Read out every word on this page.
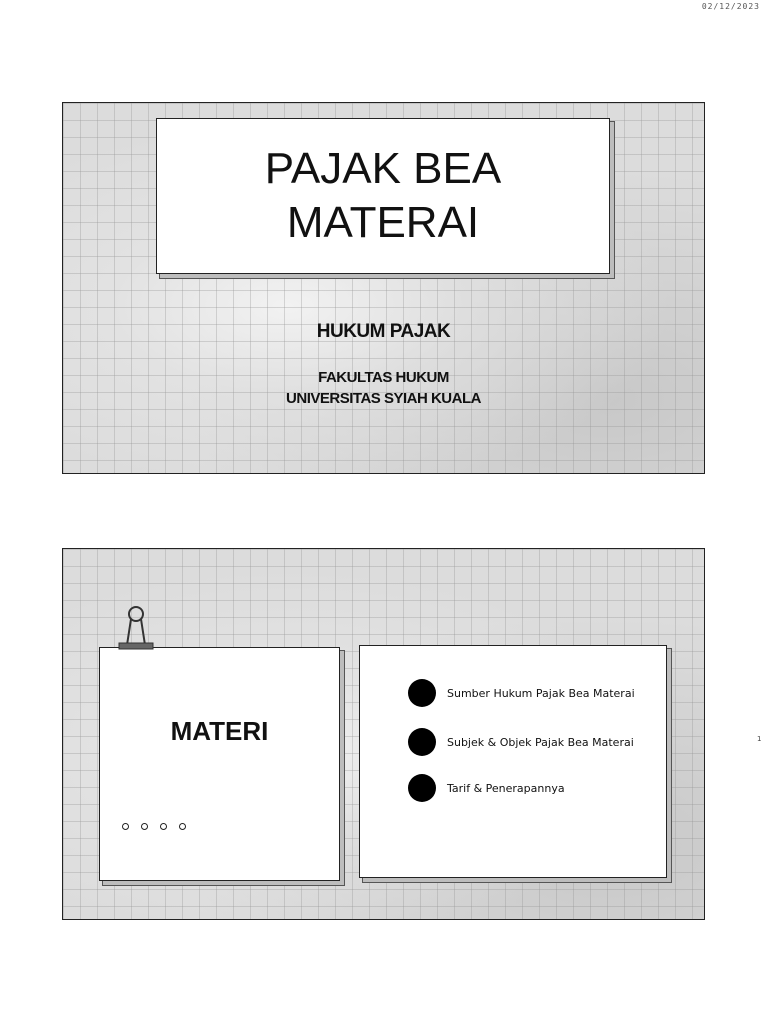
02/12/2023
PAJAK BEA
MATERAI
HUKUM PAJAK
FAKULTAS HUKUM
UNIVERSITAS SYIAH KUALA
MATERI
Sumber Hukum Pajak Bea Materai
Subjek & Objek Pajak Bea Materai
Tarif & Penerapannya
1
